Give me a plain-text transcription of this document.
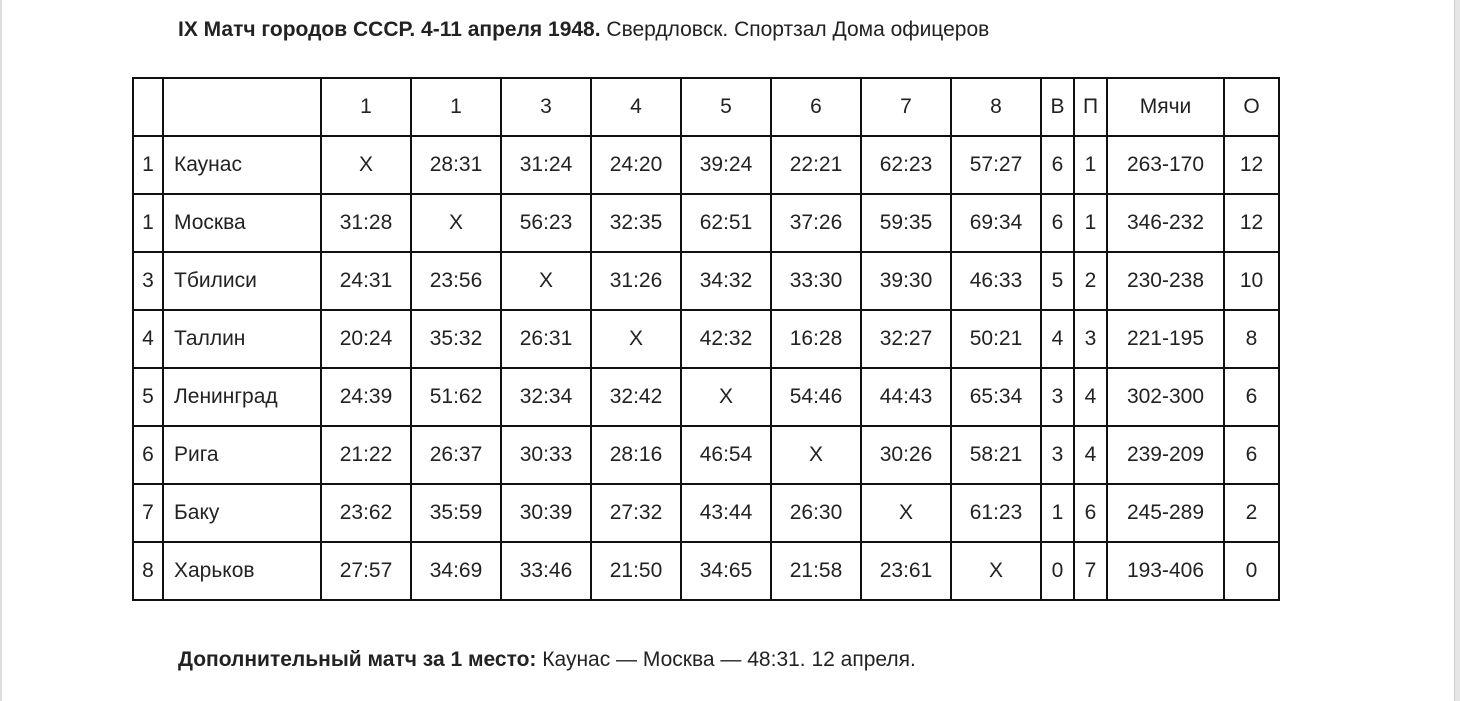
IX Матч городов СССР. 4-11 апреля 1948. Свердловск. Спортзал Дома офицеров
		1	1	3	4	5	6	7	8	В	П	Мячи	О
1	Каунас	X	28:31	31:24	24:20	39:24	22:21	62:23	57:27	6	1	263-170	12
1	Москва	31:28	X	56:23	32:35	62:51	37:26	59:35	69:34	6	1	346-232	12
3	Тбилиси	24:31	23:56	X	31:26	34:32	33:30	39:30	46:33	5	2	230-238	10
4	Таллин	20:24	35:32	26:31	X	42:32	16:28	32:27	50:21	4	3	221-195	8
5	Ленинград	24:39	51:62	32:34	32:42	X	54:46	44:43	65:34	3	4	302-300	6
6	Рига	21:22	26:37	30:33	28:16	46:54	X	30:26	58:21	3	4	239-209	6
7	Баку	23:62	35:59	30:39	27:32	43:44	26:30	X	61:23	1	6	245-289	2
8	Харьков	27:57	34:69	33:46	21:50	34:65	21:58	23:61	X	0	7	193-406	0
Дополнительный матч за 1 место: Каунас — Москва — 48:31. 12 апреля.
